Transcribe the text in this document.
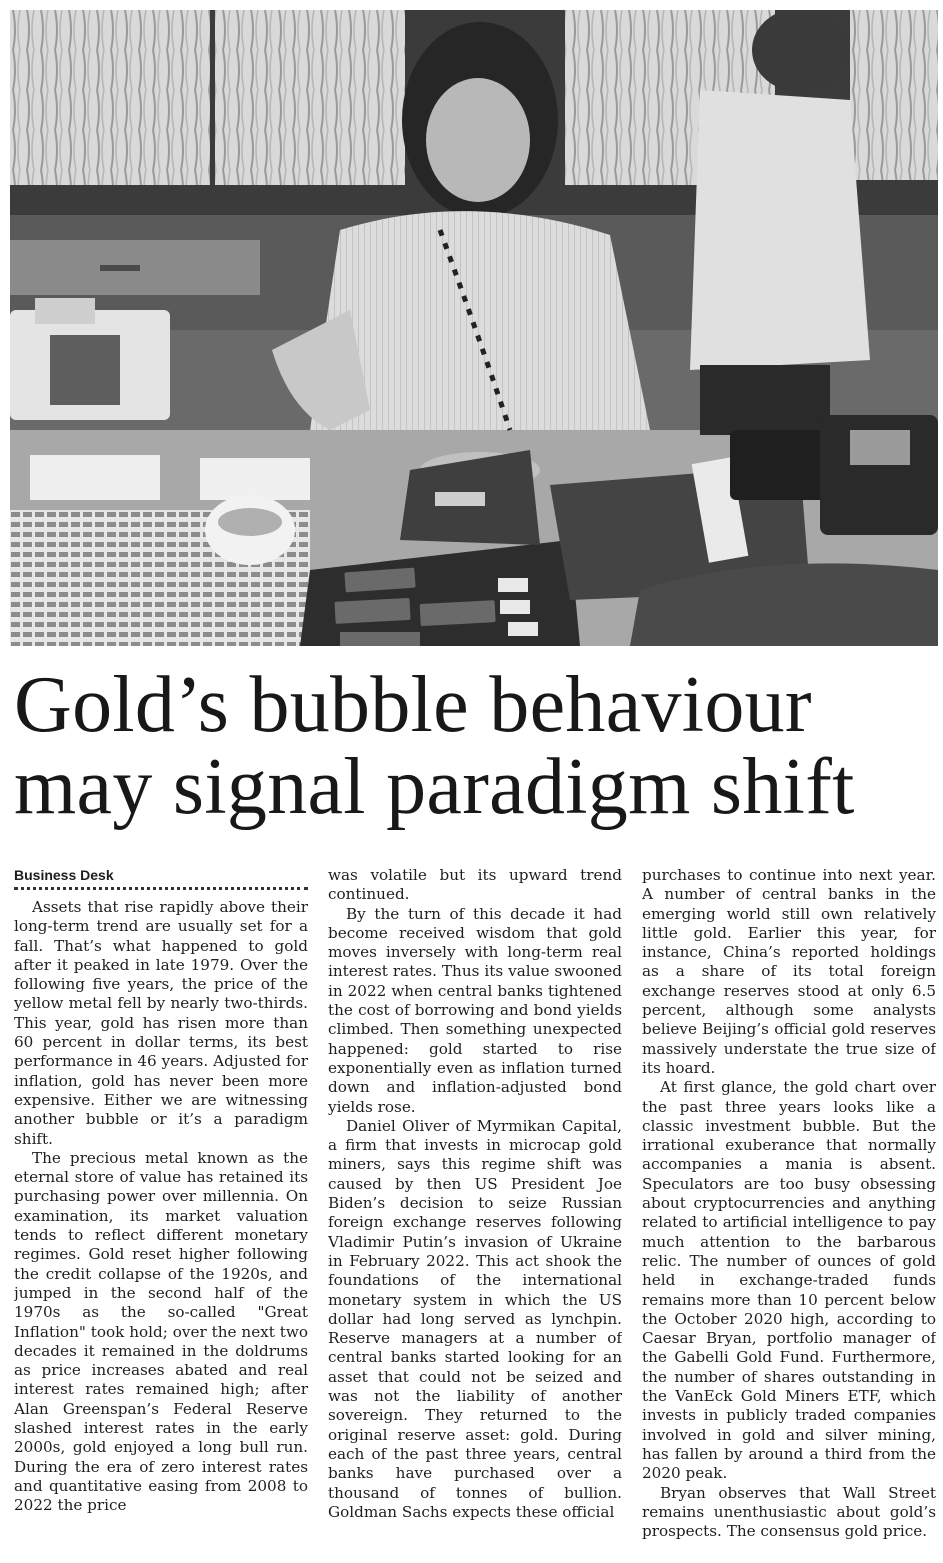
Gold’s bubble behaviour
may signal paradigm shift
Business Desk

Assets that rise rapidly above their long-term trend are usually set for a fall. That’s what happened to gold after it peaked in late 1979. Over the following five years, the price of the yellow metal fell by nearly two-thirds. This year, gold has risen more than 60 percent in dollar terms, its best performance in 46 years. Adjusted for inflation, gold has never been more expensive. Either we are witnessing another bubble or it’s a paradigm shift.

The precious metal known as the eternal store of value has retained its purchasing power over millennia. On examination, its market valuation tends to reflect different monetary regimes. Gold reset higher following the credit collapse of the 1920s, and jumped in the second half of the 1970s as the so-called "Great Inflation" took hold; over the next two decades it remained in the doldrums as price increases abated and real interest rates remained high; after Alan Greenspan’s Federal Reserve slashed interest rates in the early 2000s, gold enjoyed a long bull run. During the era of zero interest rates and quantitative easing from 2008 to 2022 the price

was volatile but its upward trend continued.

By the turn of this decade it had become received wisdom that gold moves inversely with long-term real interest rates. Thus its value swooned in 2022 when central banks tightened the cost of borrowing and bond yields climbed. Then something unexpected happened: gold started to rise exponentially even as inflation turned down and inflation-adjusted bond yields rose.

Daniel Oliver of Myrmikan Capital, a firm that invests in microcap gold miners, says this regime shift was caused by then US President Joe Biden’s decision to seize Russian foreign exchange reserves following Vladimir Putin’s invasion of Ukraine in February 2022. This act shook the foundations of the international monetary system in which the US dollar had long served as lynchpin. Reserve managers at a number of central banks started looking for an asset that could not be seized and was not the liability of another sovereign. They returned to the original reserve asset: gold. During each of the past three years, central banks have purchased over a thousand of tonnes of bullion. Goldman Sachs expects these official

purchases to continue into next year. A number of central banks in the emerging world still own relatively little gold. Earlier this year, for instance, China’s reported holdings as a share of its total foreign exchange reserves stood at only 6.5 percent, although some analysts believe Beijing’s official gold reserves massively understate the true size of its hoard.

At first glance, the gold chart over the past three years looks like a classic investment bubble. But the irrational exuberance that normally accompanies a mania is absent. Speculators are too busy obsessing about cryptocurrencies and anything related to artificial intelligence to pay much attention to the barbarous relic. The number of ounces of gold held in exchange-traded funds remains more than 10 percent below the October 2020 high, according to Caesar Bryan, portfolio manager of the Gabelli Gold Fund. Furthermore, the number of shares outstanding in the VanEck Gold Miners ETF, which invests in publicly traded companies involved in gold and silver mining, has fallen by around a third from the 2020 peak.

Bryan observes that Wall Street remains unenthusiastic about gold’s prospects. The consensus gold price.
